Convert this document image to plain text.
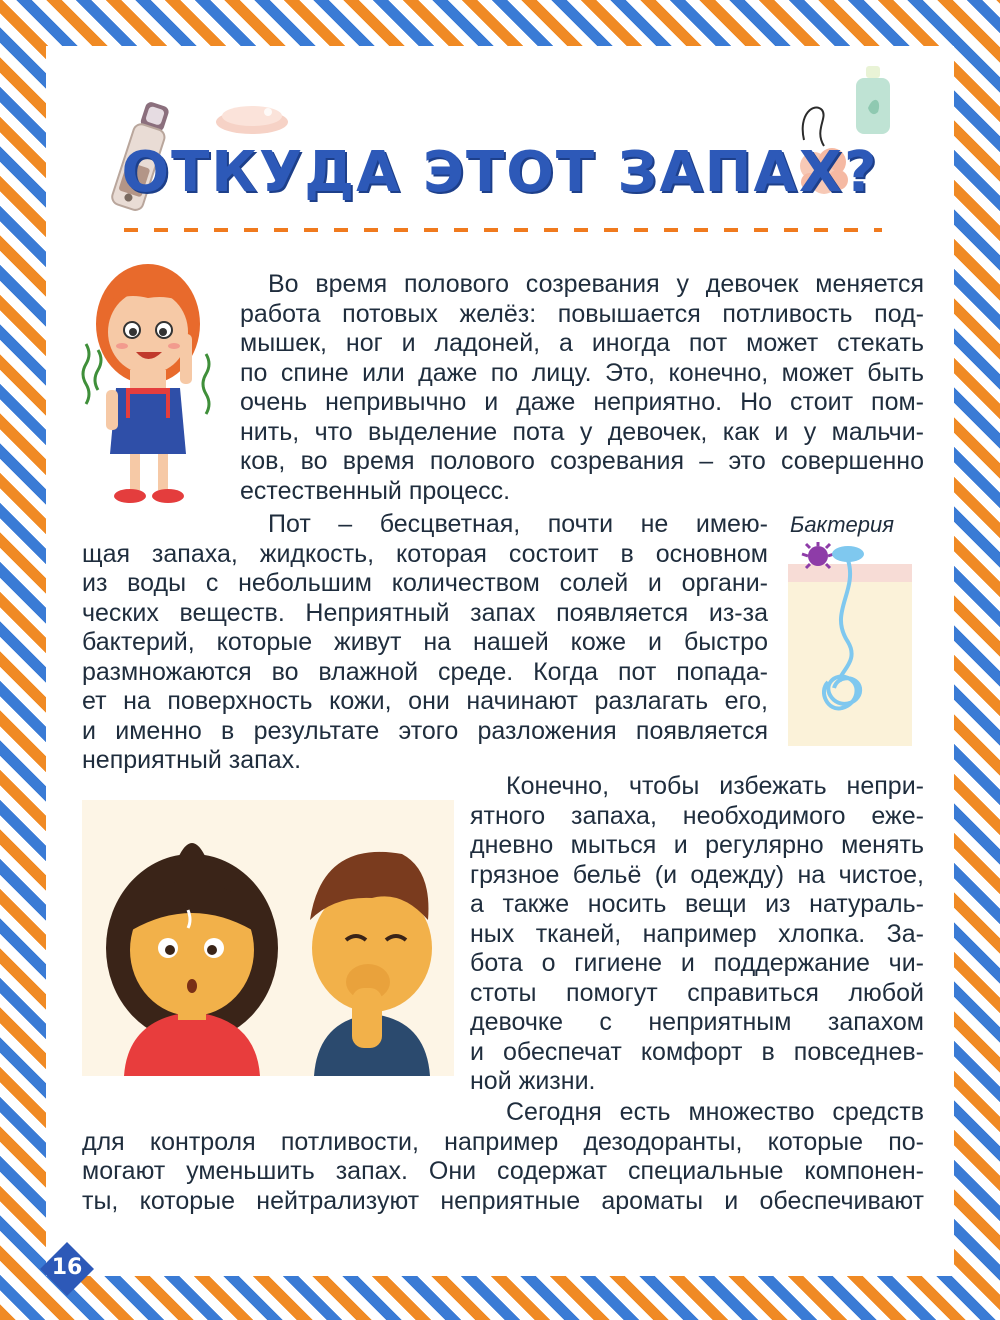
ОТКУДА ЭТОТ ЗАПАХ?
Во время полового созревания у девочек меняется
работа потовых желёз: повышается потливость под-
мышек, ног и ладоней, а иногда пот может стекать
по спине или даже по лицу. Это, конечно, может быть
очень непривычно и даже неприятно. Но стоит пом-
нить, что выделение пота у девочек, как и у мальчи-
ков, во время полового созревания – это совершенно
естественный процесс.
Пот – бесцветная, почти не имею-
щая запаха, жидкость, которая состоит в основном
из воды с небольшим количеством солей и органи-
ческих веществ. Неприятный запах появляется из-за
бактерий, которые живут на нашей коже и быстро
размножаются во влажной среде. Когда пот попада-
ет на поверхность кожи, они начинают разлагать его,
и именно в результате этого разложения появляется
неприятный запах.
Бактерия
Конечно, чтобы избежать непри-
ятного запаха, необходимого еже-
дневно мыться и регулярно менять
грязное бельё (и одежду) на чистое,
а также носить вещи из натураль-
ных тканей, например хлопка. За-
бота о гигиене и поддержание чи-
стоты помогут справиться любой
девочке с неприятным запахом
и обеспечат комфорт в повседнев-
ной жизни.
Сегодня есть множество средств
для контроля потливости, например дезодоранты, которые по-
могают уменьшить запах. Они содержат специальные компонен-
ты, которые нейтрализуют неприятные ароматы и обеспечивают
16
